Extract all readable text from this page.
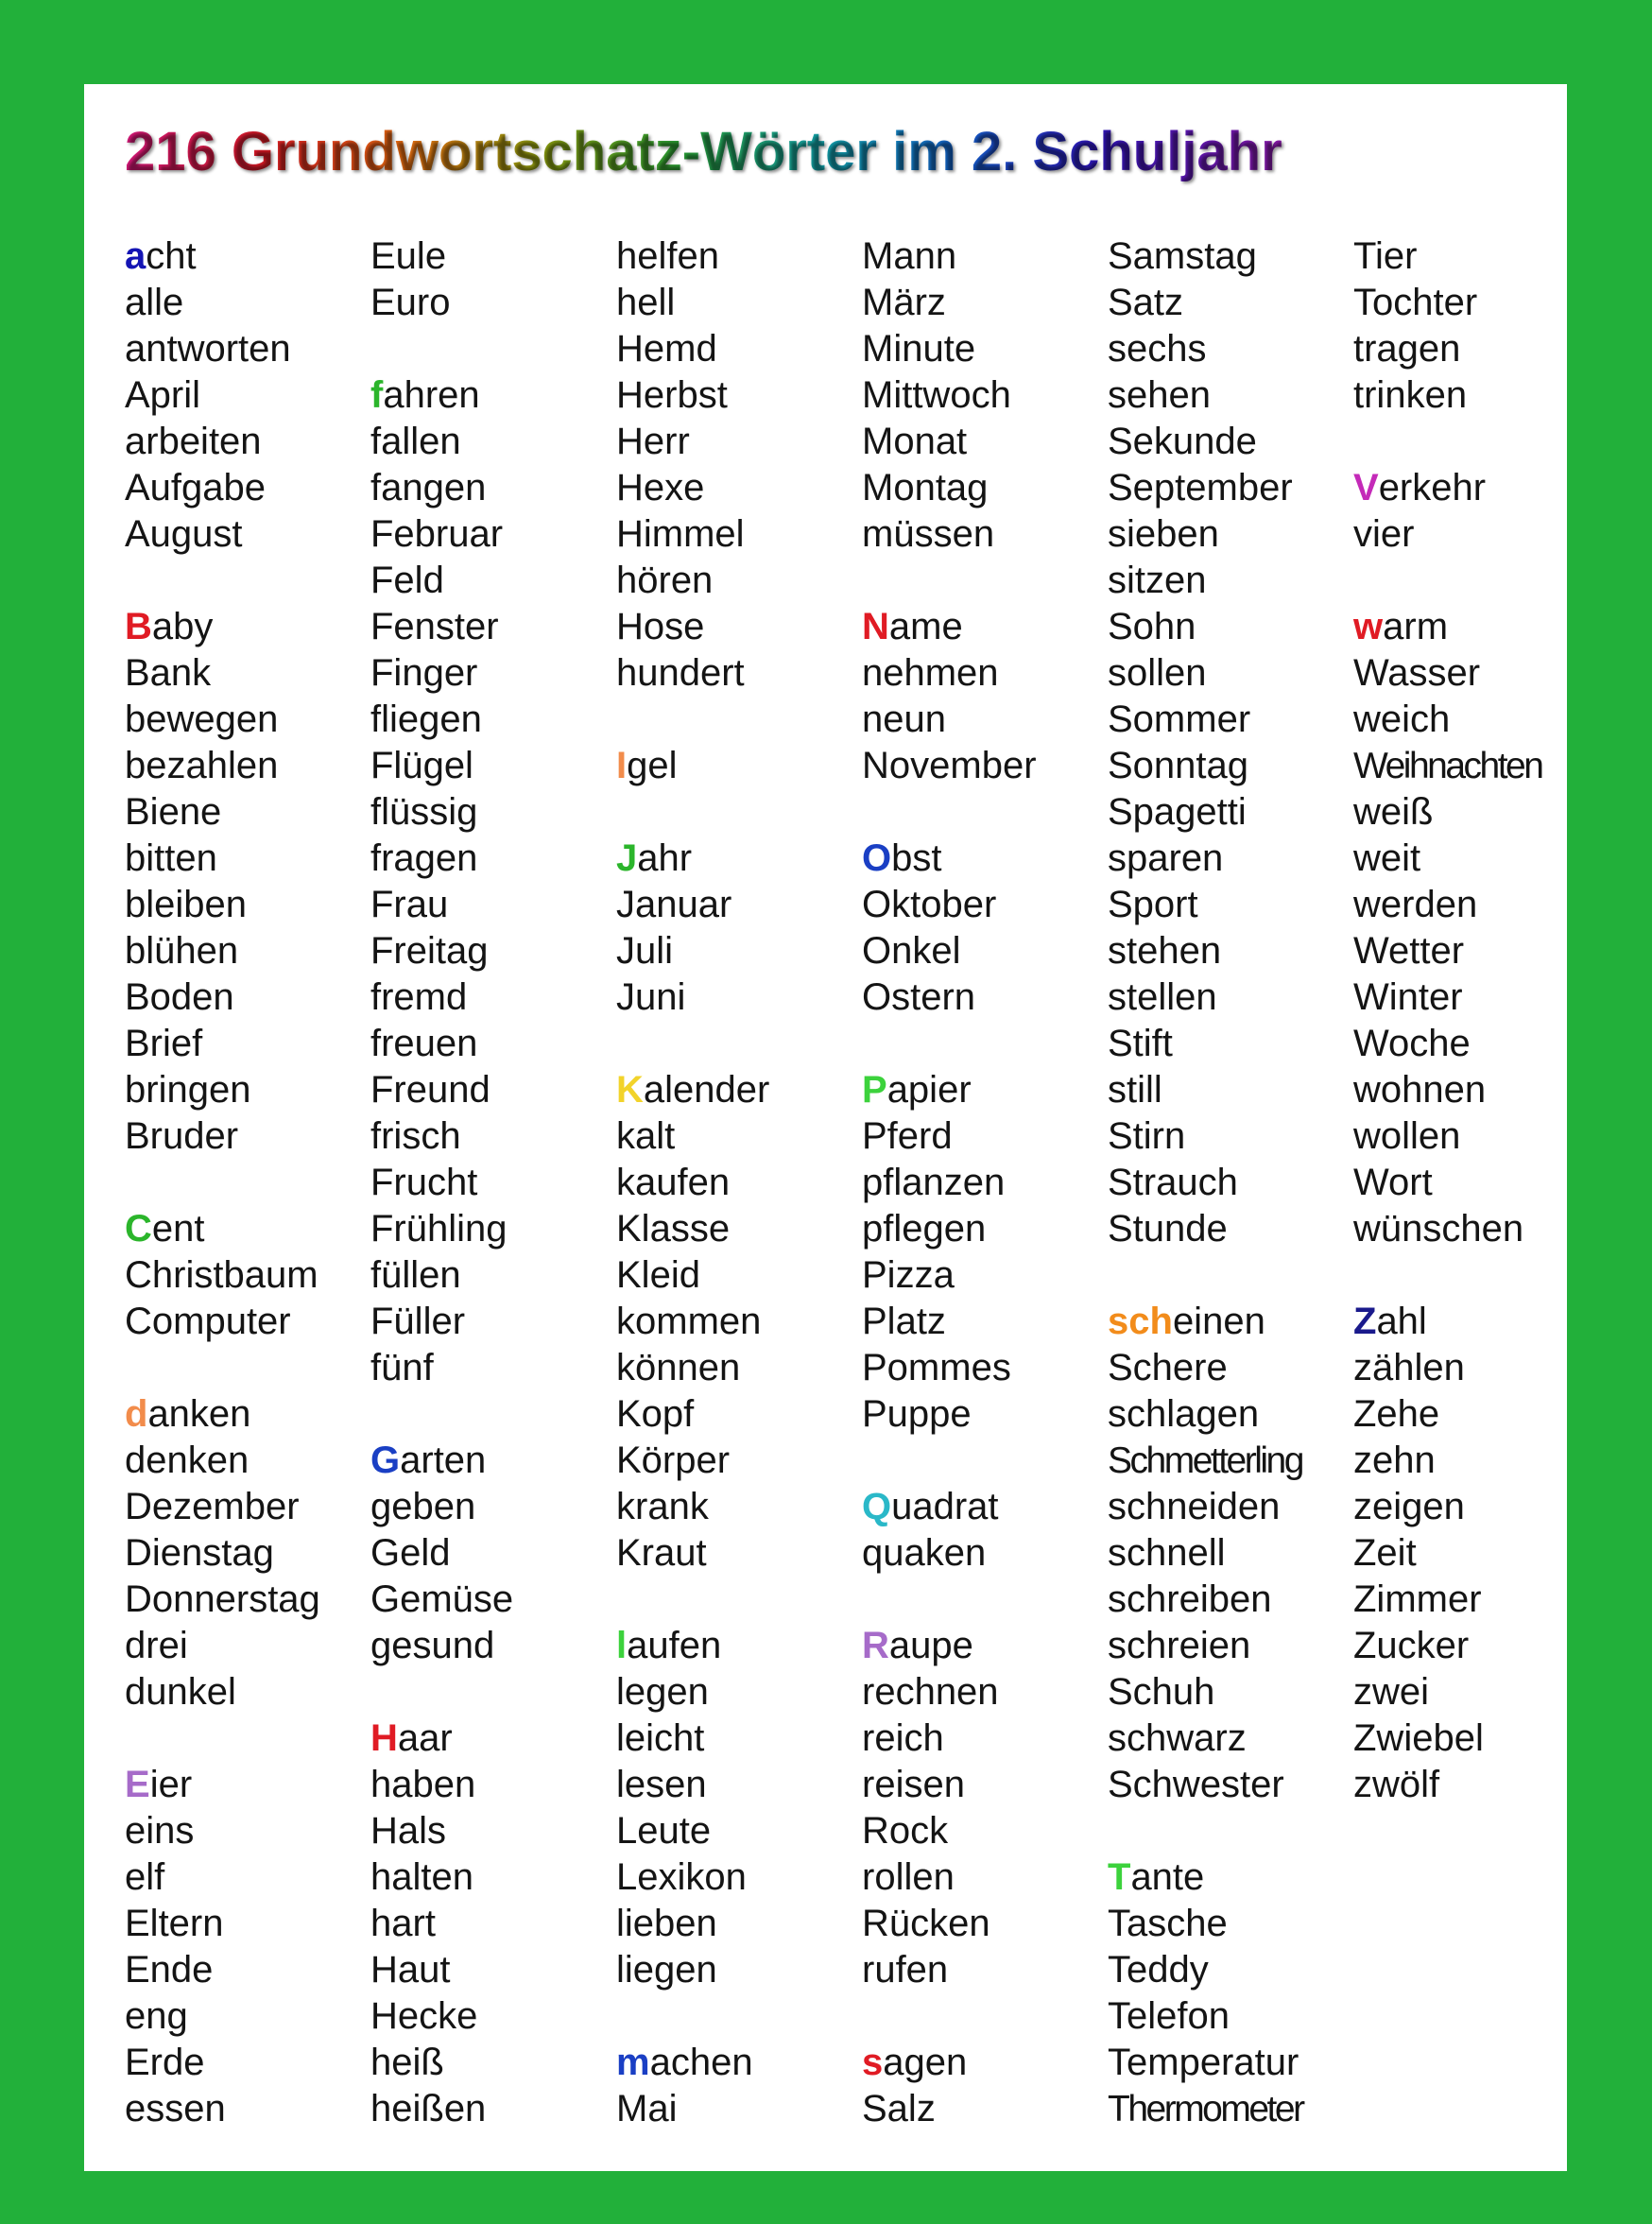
216 Grundwortschatz-Wörter im 2. Schuljahr
acht
alle
antworten
April
arbeiten
Aufgabe
August
Baby
Bank
bewegen
bezahlen
Biene
bitten
bleiben
blühen
Boden
Brief
bringen
Bruder
Cent
Christbaum
Computer
danken
denken
Dezember
Dienstag
Donnerstag
drei
dunkel
Eier
eins
elf
Eltern
Ende
eng
Erde
essen
Eule
Euro
fahren
fallen
fangen
Februar
Feld
Fenster
Finger
fliegen
Flügel
flüssig
fragen
Frau
Freitag
fremd
freuen
Freund
frisch
Frucht
Frühling
füllen
Füller
fünf
Garten
geben
Geld
Gemüse
gesund
Haar
haben
Hals
halten
hart
Haut
Hecke
heiß
heißen
helfen
hell
Hemd
Herbst
Herr
Hexe
Himmel
hören
Hose
hundert
Igel
Jahr
Januar
Juli
Juni
Kalender
kalt
kaufen
Klasse
Kleid
kommen
können
Kopf
Körper
krank
Kraut
laufen
legen
leicht
lesen
Leute
Lexikon
lieben
liegen
machen
Mai
Mann
März
Minute
Mittwoch
Monat
Montag
müssen
Name
nehmen
neun
November
Obst
Oktober
Onkel
Ostern
Papier
Pferd
pflanzen
pflegen
Pizza
Platz
Pommes
Puppe
Quadrat
quaken
Raupe
rechnen
reich
reisen
Rock
rollen
Rücken
rufen
sagen
Salz
Samstag
Satz
sechs
sehen
Sekunde
September
sieben
sitzen
Sohn
sollen
Sommer
Sonntag
Spagetti
sparen
Sport
stehen
stellen
Stift
still
Stirn
Strauch
Stunde
scheinen
Schere
schlagen
Schmetterling
schneiden
schnell
schreiben
schreien
Schuh
schwarz
Schwester
Tante
Tasche
Teddy
Telefon
Temperatur
Thermometer
Tier
Tochter
tragen
trinken
Verkehr
vier
warm
Wasser
weich
Weihnachten
weiß
weit
werden
Wetter
Winter
Woche
wohnen
wollen
Wort
wünschen
Zahl
zählen
Zehe
zehn
zeigen
Zeit
Zimmer
Zucker
zwei
Zwiebel
zwölf
